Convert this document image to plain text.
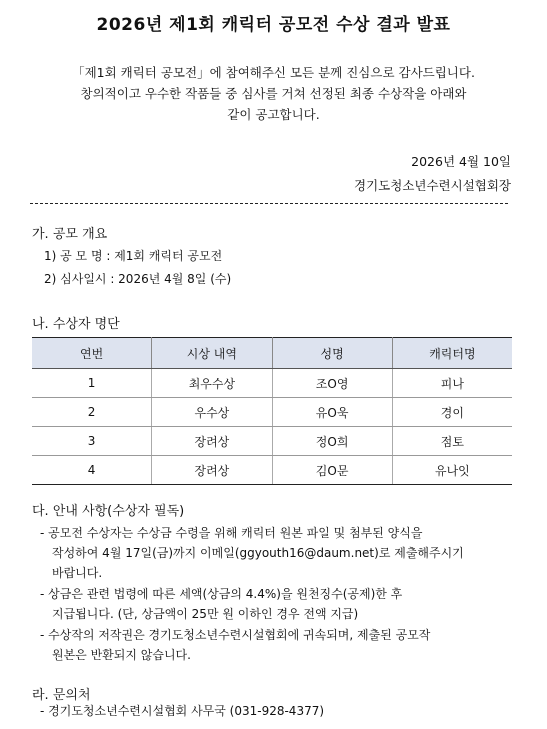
2026년 제1회 캐릭터 공모전 수상 결과 발표
「제1회 캐릭터 공모전」에 참여해주신 모든 분께 진심으로 감사드립니다.
창의적이고 우수한 작품들 중 심사를 거쳐 선정된 최종 수상작을 아래와
같이 공고합니다.
2026년 4월 10일
경기도청소년수련시설협회장
가. 공모 개요
1) 공 모 명 : 제1회 캐릭터 공모전
2) 심사일시 : 2026년 4월 8일 (수)
나. 수상자 명단
연번	시상 내역	성명	캐릭터명
1	최우수상	조O영	피나
2	우수상	유O욱	경이
3	장려상	정O희	점토
4	장려상	김O문	유나잇
다. 안내 사항(수상자 필독)
- 공모전 수상자는 수상금 수령을 위해 캐릭터 원본 파일 및 첨부된 양식을
작성하여 4월 17일(금)까지 이메일(ggyouth16@daum.net)로 제출해주시기
바랍니다.
- 상금은 관련 법령에 따른 세액(상금의 4.4%)을 원천징수(공제)한 후
지급됩니다. (단, 상금액이 25만 원 이하인 경우 전액 지급)
- 수상작의 저작권은 경기도청소년수련시설협회에 귀속되며, 제출된 공모작
원본은 반환되지 않습니다.
라. 문의처
- 경기도청소년수련시설협회 사무국 (031-928-4377)
